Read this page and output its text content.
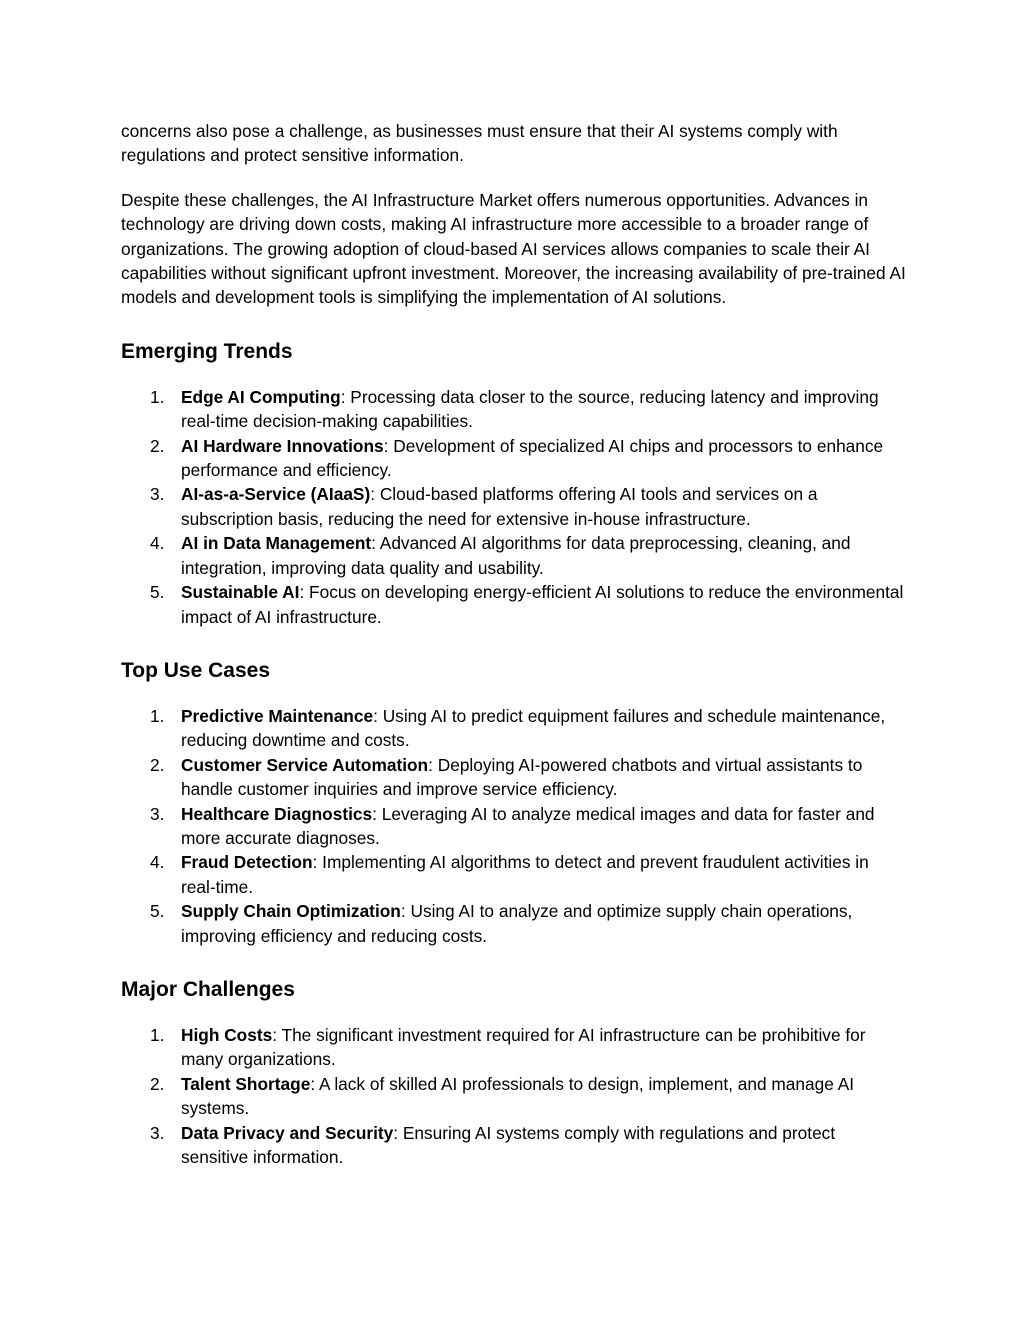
concerns also pose a challenge, as businesses must ensure that their AI systems comply with regulations and protect sensitive information.

Despite these challenges, the AI Infrastructure Market offers numerous opportunities. Advances in technology are driving down costs, making AI infrastructure more accessible to a broader range of organizations. The growing adoption of cloud-based AI services allows companies to scale their AI capabilities without significant upfront investment. Moreover, the increasing availability of pre-trained AI models and development tools is simplifying the implementation of AI solutions.

Emerging Trends
1. Edge AI Computing: Processing data closer to the source, reducing latency and improving real-time decision-making capabilities.
2. AI Hardware Innovations: Development of specialized AI chips and processors to enhance performance and efficiency.
3. AI-as-a-Service (AIaaS): Cloud-based platforms offering AI tools and services on a subscription basis, reducing the need for extensive in-house infrastructure.
4. AI in Data Management: Advanced AI algorithms for data preprocessing, cleaning, and integration, improving data quality and usability.
5. Sustainable AI: Focus on developing energy-efficient AI solutions to reduce the environmental impact of AI infrastructure.
Top Use Cases
1. Predictive Maintenance: Using AI to predict equipment failures and schedule maintenance, reducing downtime and costs.
2. Customer Service Automation: Deploying AI-powered chatbots and virtual assistants to handle customer inquiries and improve service efficiency.
3. Healthcare Diagnostics: Leveraging AI to analyze medical images and data for faster and more accurate diagnoses.
4. Fraud Detection: Implementing AI algorithms to detect and prevent fraudulent activities in real-time.
5. Supply Chain Optimization: Using AI to analyze and optimize supply chain operations, improving efficiency and reducing costs.
Major Challenges
1. High Costs: The significant investment required for AI infrastructure can be prohibitive for many organizations.
2. Talent Shortage: A lack of skilled AI professionals to design, implement, and manage AI systems.
3. Data Privacy and Security: Ensuring AI systems comply with regulations and protect sensitive information.
